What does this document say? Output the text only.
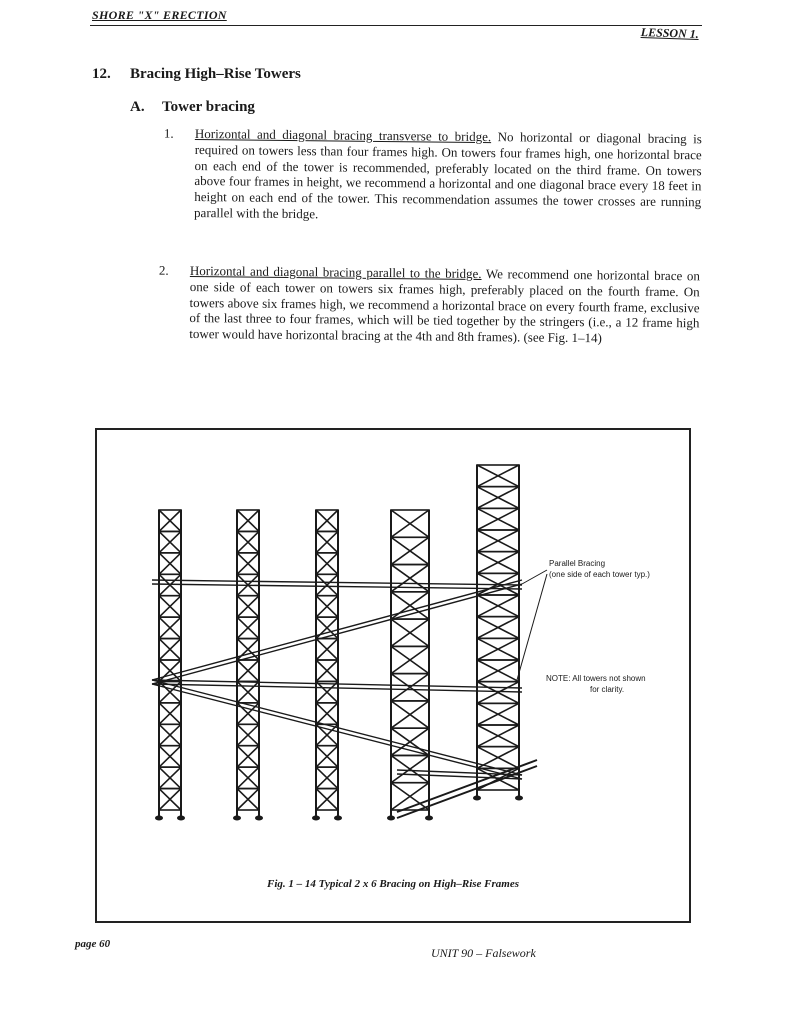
SHORE "X" ERECTION
LESSON 1.
12. Bracing High–Rise Towers
A. Tower bracing
1. Horizontal and diagonal bracing transverse to bridge. No horizontal or diagonal bracing is required on towers less than four frames high. On towers four frames high, one horizontal brace on each end of the tower is recommended, preferably located on the third frame. On towers above four frames in height, we recommend a horizontal and one diagonal brace every 18 feet in height on each end of the tower. This recommendation assumes the tower crosses are running parallel with the bridge.
2. Horizontal and diagonal bracing parallel to the bridge. We recommend one horizontal brace on one side of each tower on towers six frames high, preferably placed on the fourth frame. On towers above six frames high, we recommend a horizontal brace on every fourth frame, exclusive of the last three to four frames, which will be tied together by the stringers (i.e., a 12 frame high tower would have horizontal bracing at the 4th and 8th frames). (see Fig. 1–14)
Parallel Bracing
(one side of each tower typ.)
NOTE: All towers not shown
for clarity.
Fig. 1 – 14 Typical 2 x 6 Bracing on High–Rise Frames
page 60
UNIT 90 – Falsework
